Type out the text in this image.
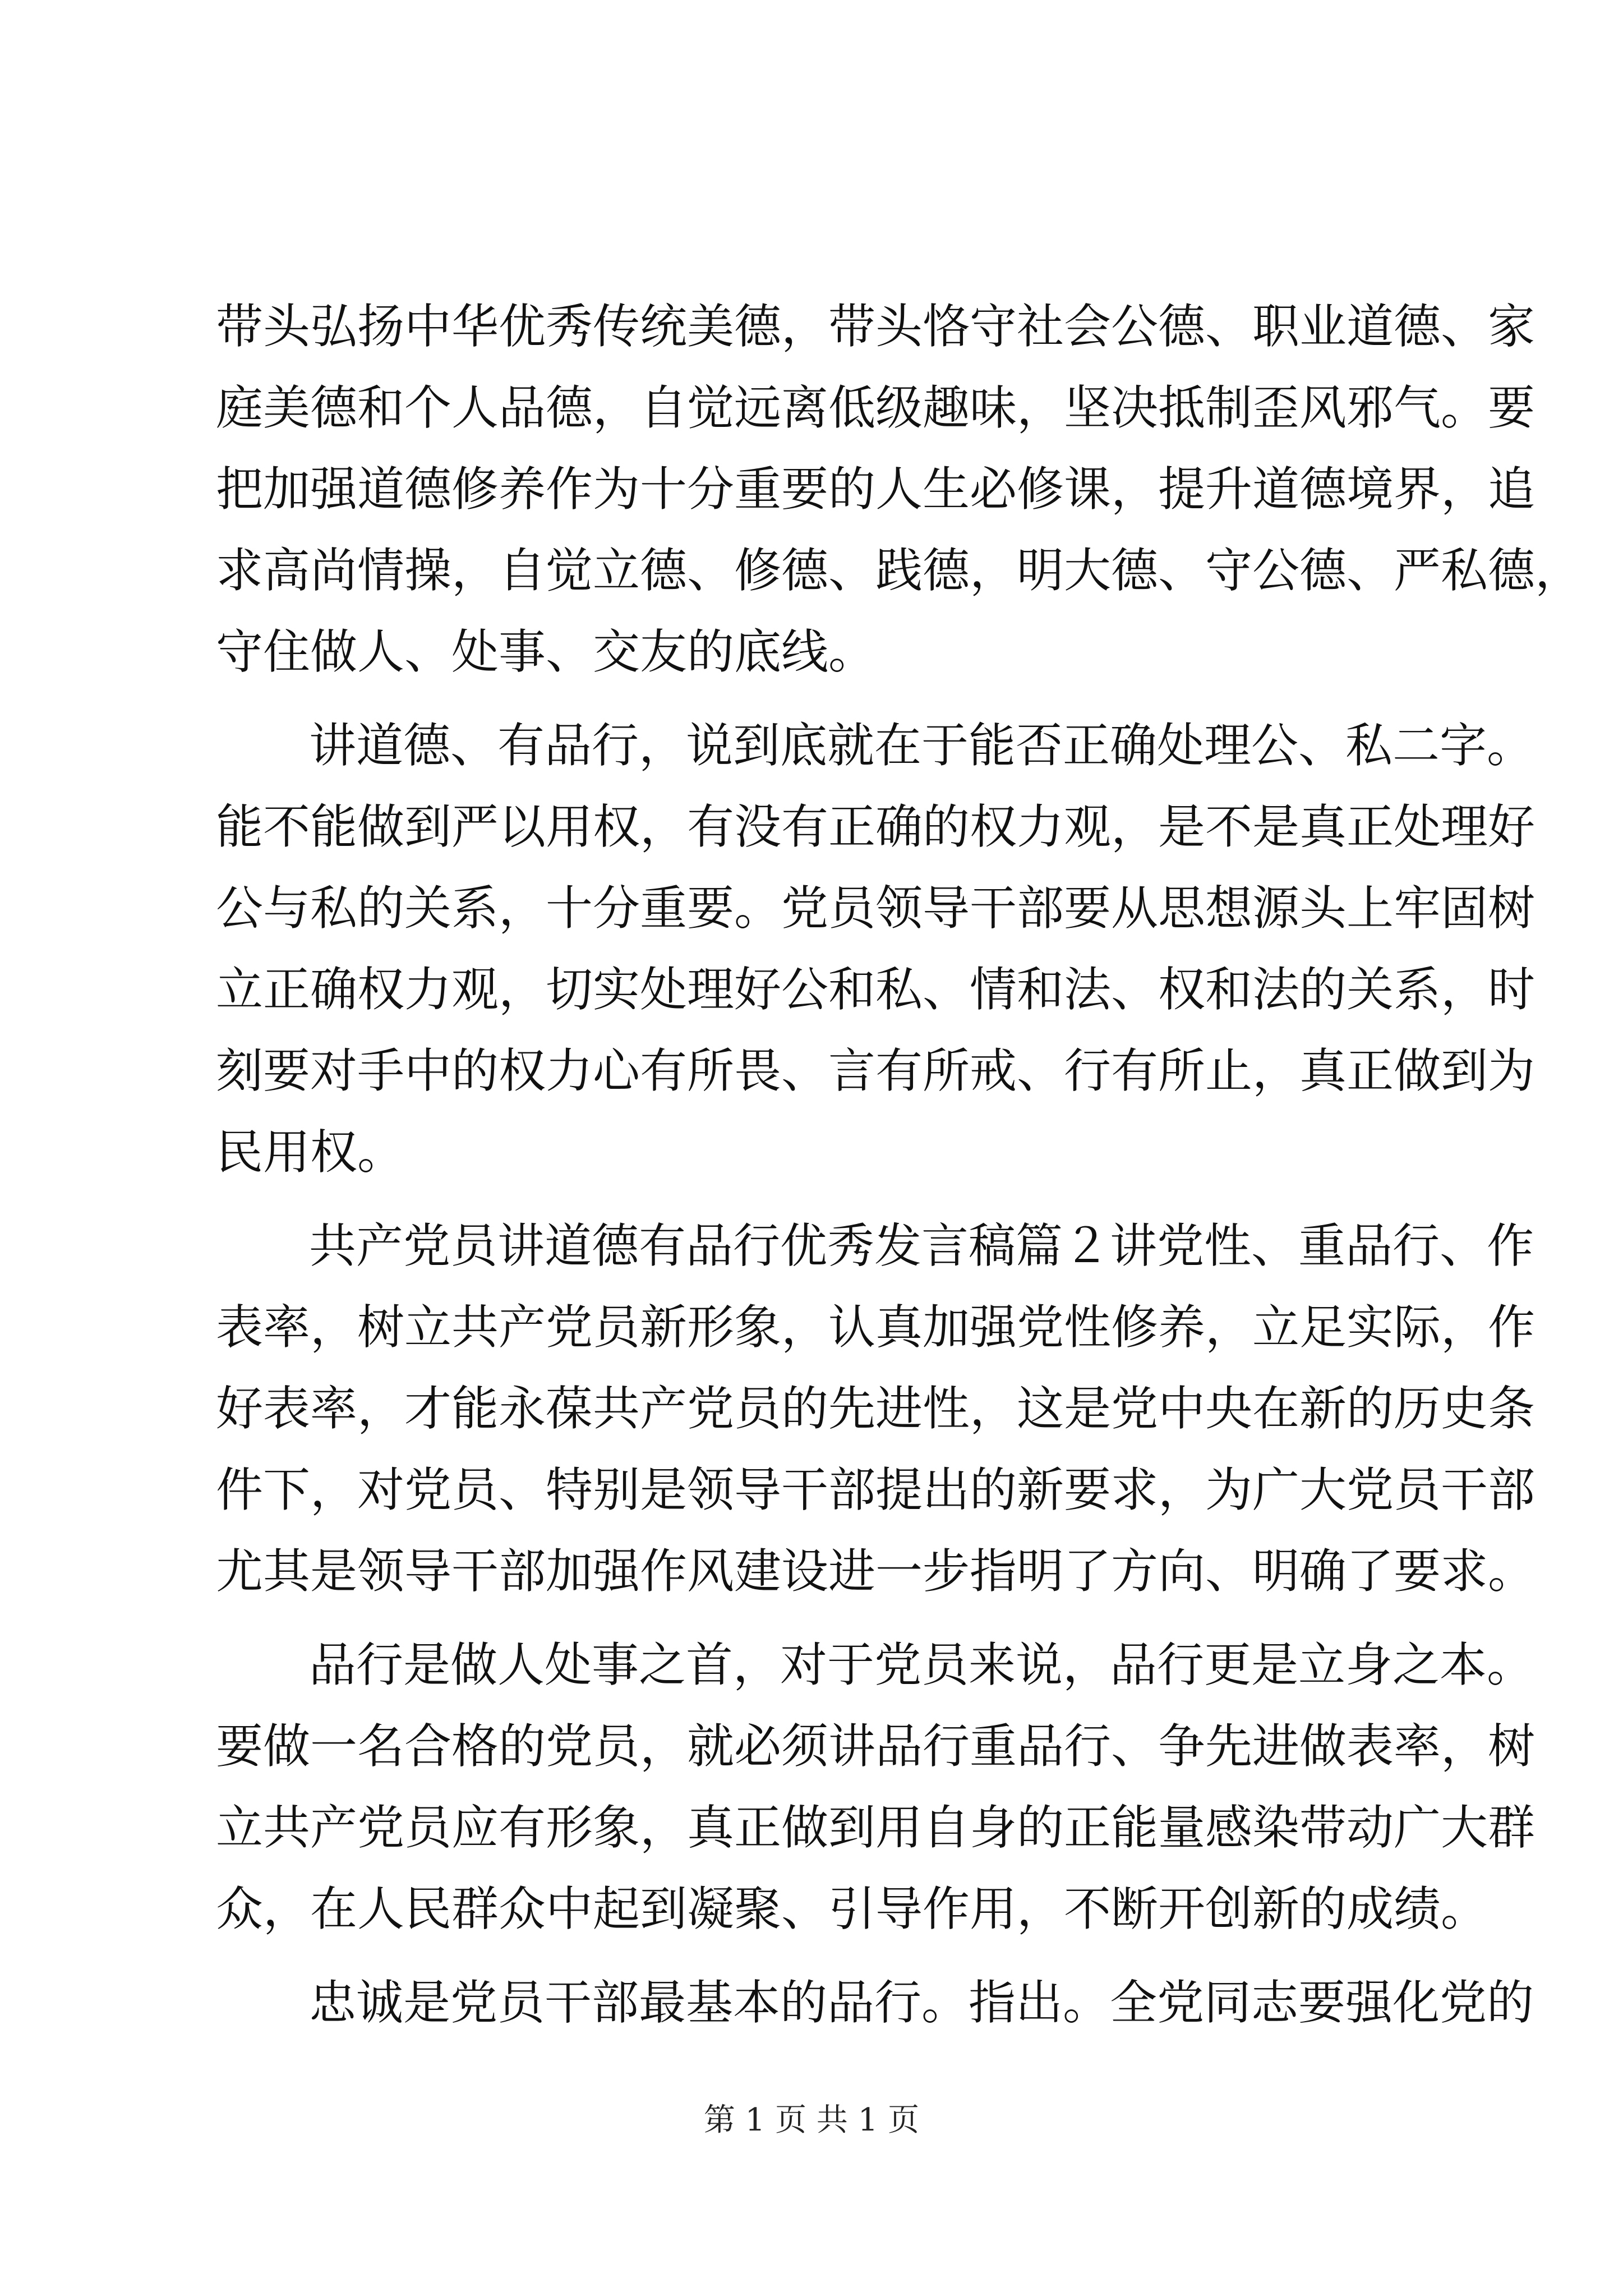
带头弘扬中华优秀传统美德，带头恪守社会公德、职业道德、家
庭美德和个人品德，自觉远离低级趣味，坚决抵制歪风邪气。要
把加强道德修养作为十分重要的人生必修课，提升道德境界，追
求高尚情操，自觉立德、修德、践德，明大德、守公德、严私德，
守住做人、处事、交友的底线。
讲道德、有品行，说到底就在于能否正确处理公、私二字。
能不能做到严以用权，有没有正确的权力观，是不是真正处理好
公与私的关系，十分重要。党员领导干部要从思想源头上牢固树
立正确权力观，切实处理好公和私、情和法、权和法的关系，时
刻要对手中的权力心有所畏、言有所戒、行有所止，真正做到为
民用权。
共产党员讲道德有品行优秀发言稿篇２讲党性、重品行、作
表率，树立共产党员新形象，认真加强党性修养，立足实际，作
好表率，才能永葆共产党员的先进性，这是党中央在新的历史条
件下，对党员、特别是领导干部提出的新要求，为广大党员干部
尤其是领导干部加强作风建设进一步指明了方向、明确了要求。
品行是做人处事之首，对于党员来说，品行更是立身之本。
要做一名合格的党员，就必须讲品行重品行、争先进做表率，树
立共产党员应有形象，真正做到用自身的正能量感染带动广大群
众，在人民群众中起到凝聚、引导作用，不断开创新的成绩。
忠诚是党员干部最基本的品行。指出。全党同志要强化党的
第 1 页 共 1 页
